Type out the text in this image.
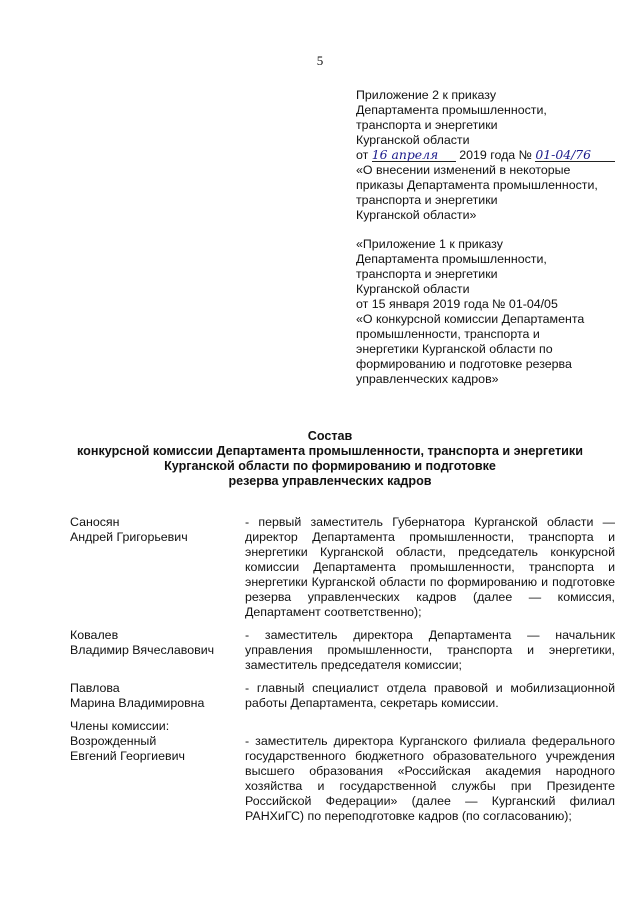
5
Приложение 2 к приказу
Департамента промышленности,
транспорта и энергетики
Курганской области
от 16 апреля 2019 года № 01-04/76
«О внесении изменений в некоторые
приказы Департамента промышленности,
транспорта и энергетики
Курганской области»
«Приложение 1 к приказу
Департамента промышленности,
транспорта и энергетики
Курганской области
от 15 января 2019 года № 01-04/05
«О конкурсной комиссии Департамента
промышленности, транспорта и
энергетики Курганской области по
формированию и подготовке резерва
управленческих кадров»
Состав
конкурсной комиссии Департамента промышленности, транспорта и энергетики
Курганской области по формированию и подготовке
резерва управленческих кадров
Саносян
Андрей Григорьевич
- первый заместитель Губернатора Курганской области — директор Департамента промышленности, транспорта и энергетики Курганской области, председатель конкурсной комиссии Департамента промышленности, транспорта и энергетики Курганской области по формированию и подготовке резерва управленческих кадров (далее — комиссия, Департамент соответственно);
Ковалев
Владимир Вячеславович
- заместитель директора Департамента — начальник управления промышленности, транспорта и энергетики, заместитель председателя комиссии;
Павлова
Марина Владимировна
- главный специалист отдела правовой и мобилизационной работы Департамента, секретарь комиссии.
Члены комиссии:
Возрожденный
Евгений Георгиевич
- заместитель директора Курганского филиала федерального государственного бюджетного образовательного учреждения высшего образования «Российская академия народного хозяйства и государственной службы при Президенте Российской Федерации» (далее — Курганский филиал РАНХиГС) по переподготовке кадров (по согласованию);
